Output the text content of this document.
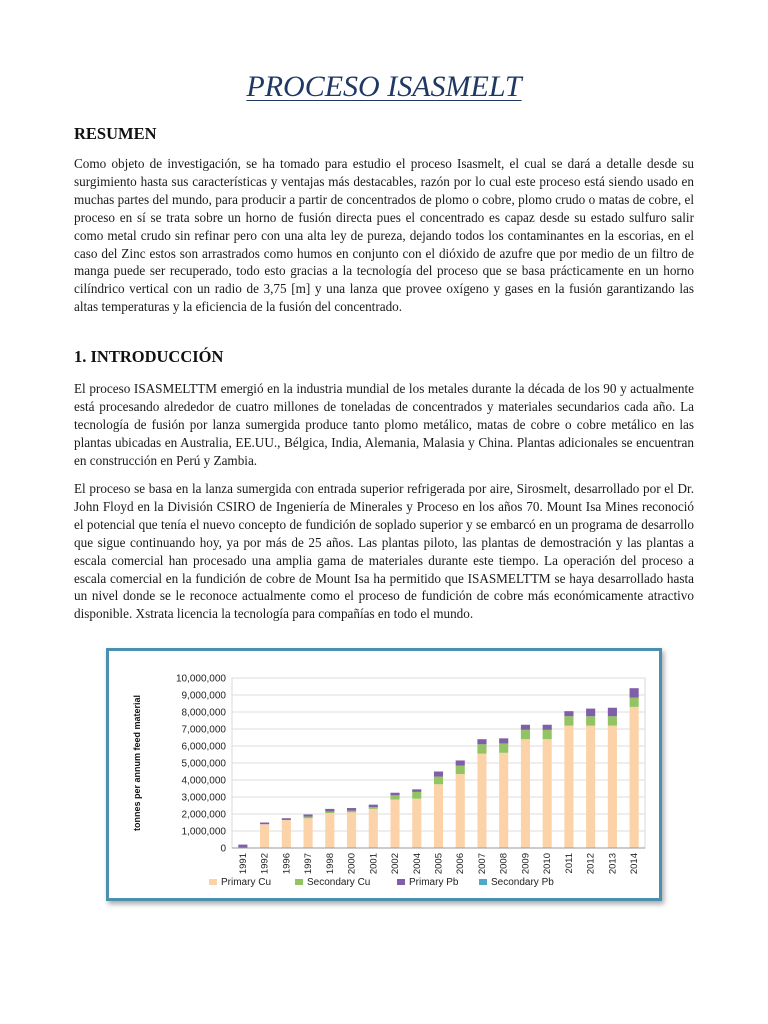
PROCESO ISASMELT
RESUMEN

Como objeto de investigación, se ha tomado para estudio el proceso Isasmelt, el cual se dará a detalle desde su surgimiento hasta sus características y ventajas más destacables, razón por lo cual este proceso está siendo usado en muchas partes del mundo, para producir a partir de concentrados de plomo o cobre, plomo crudo o matas de cobre, el proceso en sí se trata sobre un horno de fusión directa pues el concentrado es capaz desde su estado sulfuro salir como metal crudo sin refinar pero con una alta ley de pureza, dejando todos los contaminantes en la escorias, en el caso del Zinc estos son arrastrados como humos en conjunto con el dióxido de azufre que por medio de un filtro de manga puede ser recuperado, todo esto gracias a la tecnología del proceso que se basa prácticamente en un horno cilíndrico vertical con un radio de 3,75 [m] y una lanza que provee oxígeno y gases en la fusión garantizando las altas temperaturas y la eficiencia de la fusión del concentrado.

1. INTRODUCCIÓN

El proceso ISASMELTTM emergió en la industria mundial de los metales durante la década de los 90 y actualmente está procesando alrededor de cuatro millones de toneladas de concentrados y materiales secundarios cada año. La tecnología de fusión por lanza sumergida produce tanto plomo metálico, matas de cobre o cobre metálico en las plantas ubicadas en Australia, EE.UU., Bélgica, India, Alemania, Malasia y China. Plantas adicionales se encuentran en construcción en Perú y Zambia.

El proceso se basa en la lanza sumergida con entrada superior refrigerada por aire, Sirosmelt, desarrollado por el Dr. John Floyd en la División CSIRO de Ingeniería de Minerales y Proceso en los años 70. Mount Isa Mines reconoció el potencial que tenía el nuevo concepto de fundición de soplado superior y se embarcó en un programa de desarrollo que sigue continuando hoy, ya por más de 25 años. Las plantas piloto, las plantas de demostración y las plantas a escala comercial han procesado una amplia gama de materiales durante este tiempo. La operación del proceso a escala comercial en la fundición de cobre de Mount Isa ha permitido que ISASMELTTM se haya desarrollado hasta un nivel donde se le reconoce actualmente como el proceso de fundición de cobre más económicamente atractivo disponible. Xstrata licencia la tecnología para compañías en todo el mundo.

0
1,000,000
2,000,000
3,000,000
4,000,000
5,000,000
6,000,000
7,000,000
8,000,000
9,000,000
10,000,000
tonnes per annum feed material
1991 1992 1996 1997 1998 2000 2001 2002 2004 2005 2006 2007 2008 2009 2010 2011 2012 2013 2014
Primary Cu	Secondary Cu	Primary Pb	Secondary Pb
